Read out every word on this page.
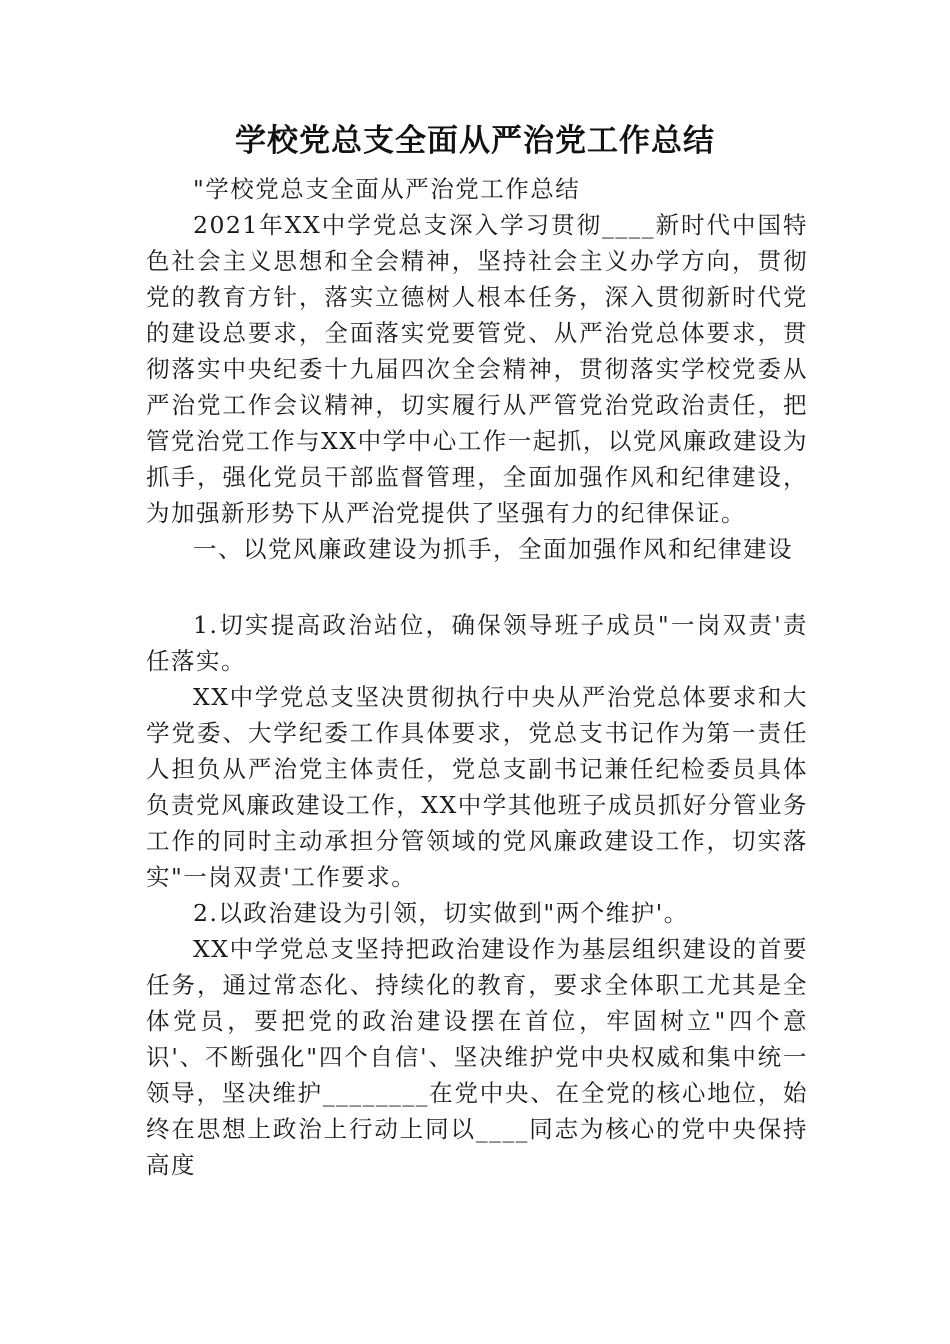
学校党总支全面从严治党工作总结

"学校党总支全面从严治党工作总结

2021年XX中学党总支深入学习贯彻____新时代中国特色社会主义思想和全会精神，坚持社会主义办学方向，贯彻党的教育方针，落实立德树人根本任务，深入贯彻新时代党的建设总要求，全面落实党要管党、从严治党总体要求，贯彻落实中央纪委十九届四次全会精神，贯彻落实学校党委从严治党工作会议精神，切实履行从严管党治党政治责任，把管党治党工作与XX中学中心工作一起抓，以党风廉政建设为抓手，强化党员干部监督管理，全面加强作风和纪律建设，为加强新形势下从严治党提供了坚强有力的纪律保证。

一、以党风廉政建设为抓手，全面加强作风和纪律建设

1.切实提高政治站位，确保领导班子成员"一岗双责'责任落实。

XX中学党总支坚决贯彻执行中央从严治党总体要求和大学党委、大学纪委工作具体要求，党总支书记作为第一责任人担负从严治党主体责任，党总支副书记兼任纪检委员具体负责党风廉政建设工作，XX中学其他班子成员抓好分管业务工作的同时主动承担分管领域的党风廉政建设工作，切实落实"一岗双责'工作要求。

2.以政治建设为引领，切实做到"两个维护'。

XX中学党总支坚持把政治建设作为基层组织建设的首要任务，通过常态化、持续化的教育，要求全体职工尤其是全体党员，要把党的政治建设摆在首位，牢固树立"四个意识'、不断强化"四个自信'、坚决维护党中央权威和集中统一领导，坚决维护________在党中央、在全党的核心地位，始终在思想上政治上行动上同以____同志为核心的党中央保持高度
